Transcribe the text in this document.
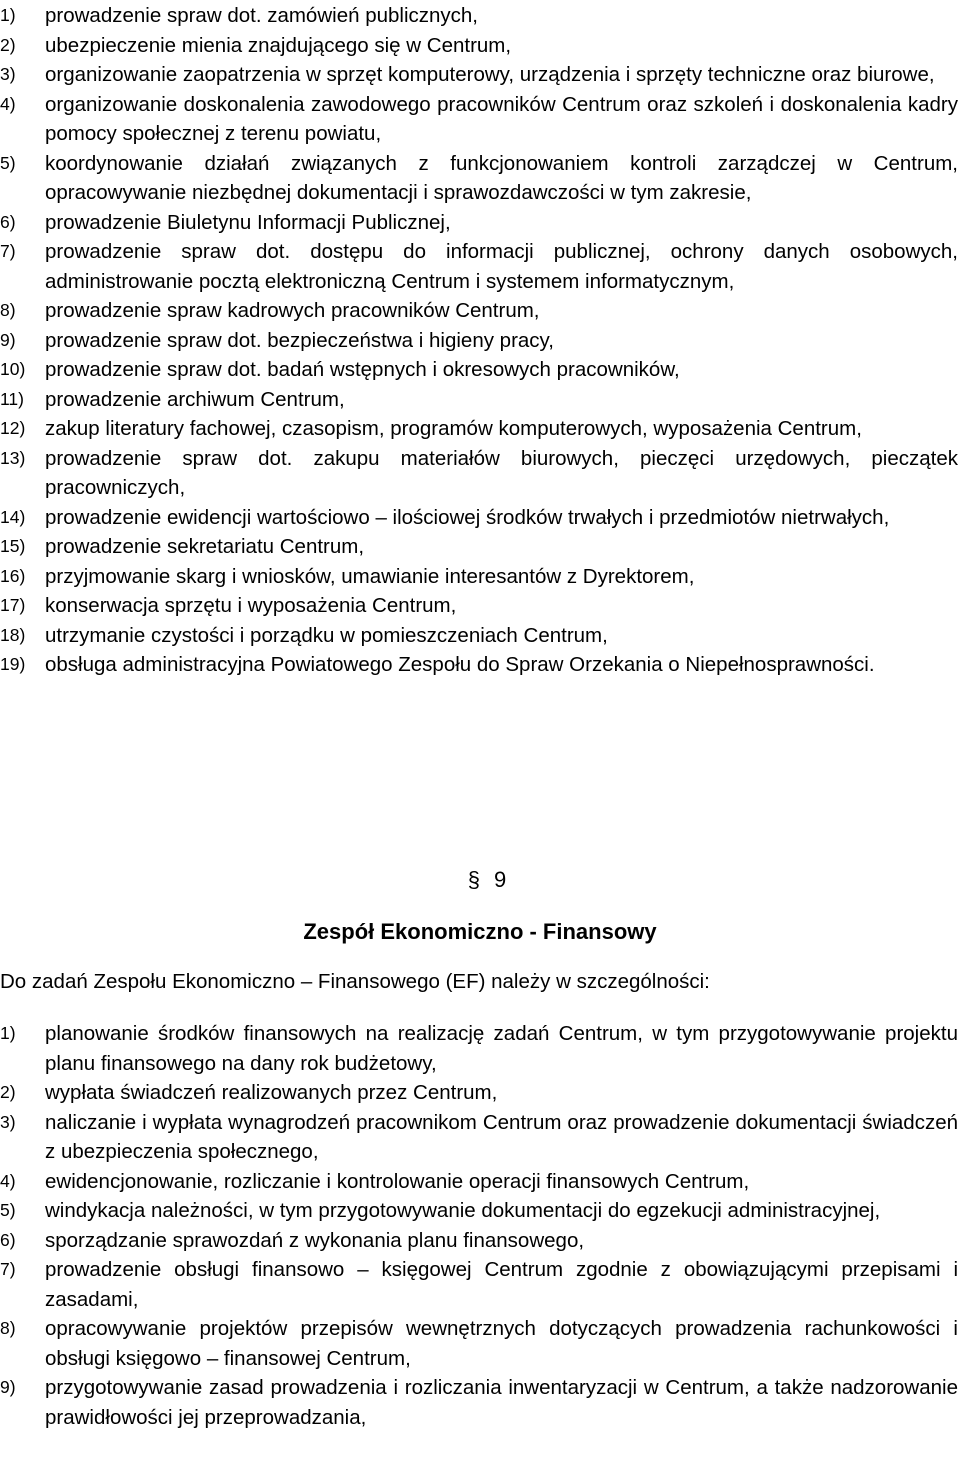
1) prowadzenie spraw dot. zamówień publicznych,
2) ubezpieczenie mienia znajdującego się w Centrum,
3) organizowanie zaopatrzenia w sprzęt komputerowy, urządzenia i sprzęty techniczne oraz biurowe,
4) organizowanie doskonalenia zawodowego pracowników Centrum oraz szkoleń i doskonalenia kadry pomocy społecznej z terenu powiatu,
5) koordynowanie działań związanych z funkcjonowaniem kontroli zarządczej w Centrum, opracowywanie niezbędnej dokumentacji i sprawozdawczości w tym zakresie,
6) prowadzenie Biuletynu Informacji Publicznej,
7) prowadzenie spraw dot. dostępu do informacji publicznej, ochrony danych osobowych, administrowanie pocztą elektroniczną Centrum i systemem informatycznym,
8) prowadzenie spraw kadrowych pracowników Centrum,
9) prowadzenie spraw dot. bezpieczeństwa i higieny pracy,
10) prowadzenie spraw dot. badań wstępnych i okresowych pracowników,
11) prowadzenie archiwum Centrum,
12) zakup literatury fachowej, czasopism, programów komputerowych, wyposażenia Centrum,
13) prowadzenie spraw dot. zakupu materiałów biurowych, pieczęci urzędowych, pieczątek pracowniczych,
14) prowadzenie ewidencji wartościowo – ilościowej środków trwałych i przedmiotów nietrwałych,
15) prowadzenie sekretariatu Centrum,
16) przyjmowanie skarg i wniosków, umawianie interesantów z Dyrektorem,
17) konserwacja sprzętu i wyposażenia Centrum,
18) utrzymanie czystości i porządku w pomieszczeniach Centrum,
19) obsługa administracyjna Powiatowego Zespołu do Spraw Orzekania o Niepełnosprawności.
§ 9
Zespół Ekonomiczno - Finansowy
Do zadań Zespołu Ekonomiczno – Finansowego (EF) należy w szczególności:
1) planowanie środków finansowych na realizację zadań Centrum, w tym przygotowywanie projektu planu finansowego na dany rok budżetowy,
2) wypłata świadczeń realizowanych przez Centrum,
3) naliczanie i wypłata wynagrodzeń pracownikom Centrum oraz prowadzenie dokumentacji świadczeń z ubezpieczenia społecznego,
4) ewidencjonowanie, rozliczanie i kontrolowanie operacji finansowych Centrum,
5) windykacja należności, w tym przygotowywanie dokumentacji do egzekucji administracyjnej,
6) sporządzanie sprawozdań z wykonania planu finansowego,
7) prowadzenie obsługi finansowo – księgowej Centrum zgodnie z obowiązującymi przepisami i zasadami,
8) opracowywanie projektów przepisów wewnętrznych dotyczących prowadzenia rachunkowości i obsługi księgowo – finansowej Centrum,
9) przygotowywanie zasad prowadzenia i rozliczania inwentaryzacji w Centrum, a także nadzorowanie prawidłowości jej przeprowadzania,
